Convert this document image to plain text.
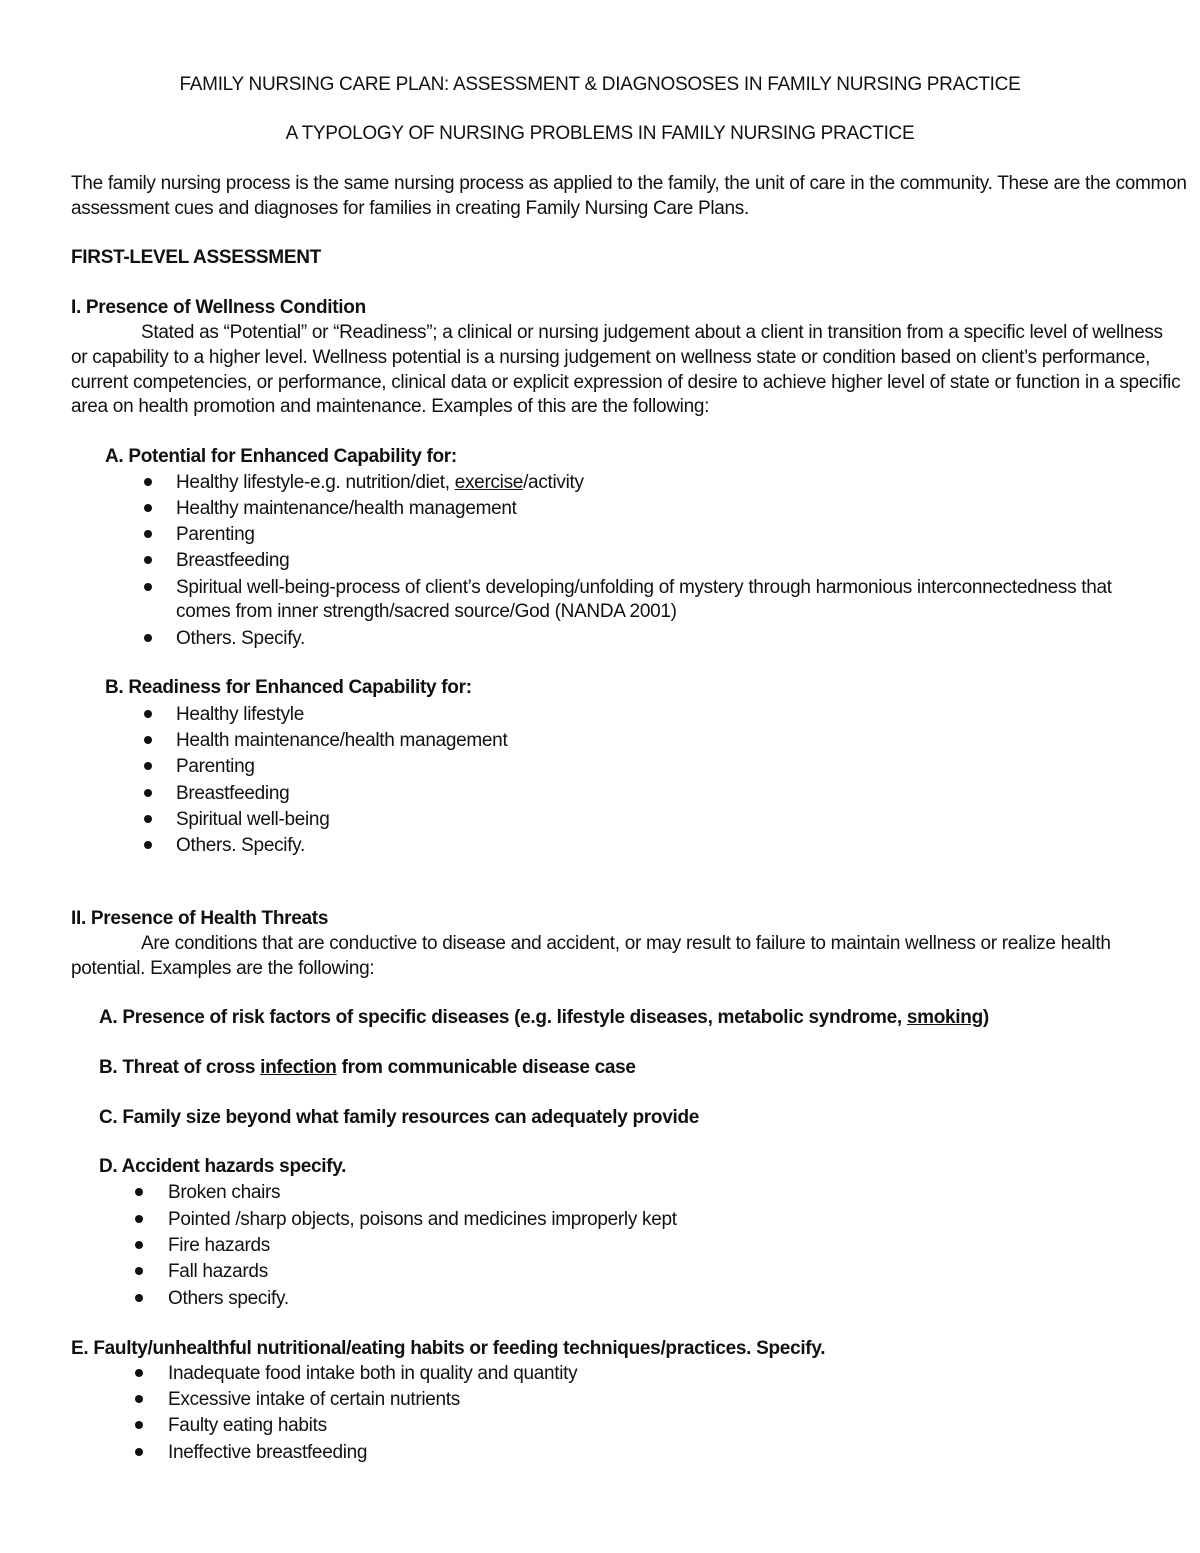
FAMILY NURSING CARE PLAN: ASSESSMENT & DIAGNOSOSES IN FAMILY NURSING PRACTICE
A TYPOLOGY OF NURSING PROBLEMS IN FAMILY NURSING PRACTICE
The family nursing process is the same nursing process as applied to the family, the unit of care in the community. These are the common
assessment cues and diagnoses for families in creating Family Nursing Care Plans.
FIRST-LEVEL ASSESSMENT
I. Presence of Wellness Condition
Stated as “Potential” or “Readiness”; a clinical or nursing judgement about a client in transition from a specific level of wellness
or capability to a higher level. Wellness potential is a nursing judgement on wellness state or condition based on client’s performance,
current competencies, or performance, clinical data or explicit expression of desire to achieve higher level of state or function in a specific
area on health promotion and maintenance. Examples of this are the following:
A. Potential for Enhanced Capability for:
Healthy lifestyle-e.g. nutrition/diet, exercise/activity
Healthy maintenance/health management
Parenting
Breastfeeding
Spiritual well-being-process of client’s developing/unfolding of mystery through harmonious interconnectedness that
comes from inner strength/sacred source/God (NANDA 2001)
Others. Specify.
B. Readiness for Enhanced Capability for:
Healthy lifestyle
Health maintenance/health management
Parenting
Breastfeeding
Spiritual well-being
Others. Specify.
II. Presence of Health Threats
Are conditions that are conductive to disease and accident, or may result to failure to maintain wellness or realize health
potential. Examples are the following:
A. Presence of risk factors of specific diseases (e.g. lifestyle diseases, metabolic syndrome, smoking)
B. Threat of cross infection from communicable disease case
C. Family size beyond what family resources can adequately provide
D. Accident hazards specify.
Broken chairs
Pointed /sharp objects, poisons and medicines improperly kept
Fire hazards
Fall hazards
Others specify.
E. Faulty/unhealthful nutritional/eating habits or feeding techniques/practices. Specify.
Inadequate food intake both in quality and quantity
Excessive intake of certain nutrients
Faulty eating habits
Ineffective breastfeeding
